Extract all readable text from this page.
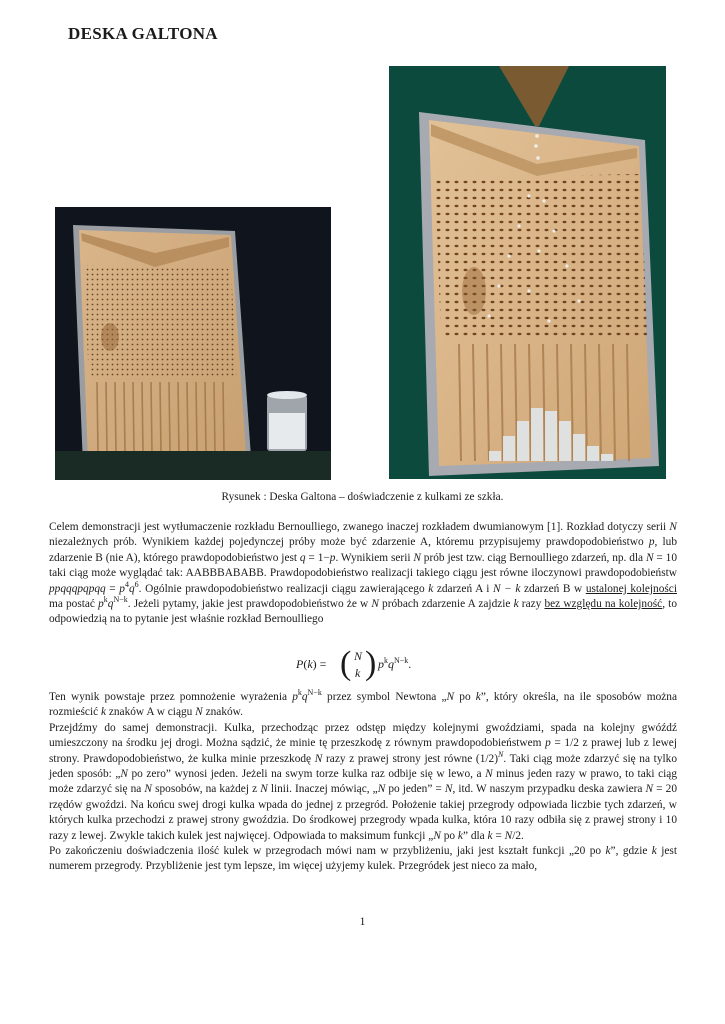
DESKA GALTONA
Rysunek : Deska Galtona – doświadczenie z kulkami ze szkła.

Celem demonstracji jest wytłumaczenie rozkładu Bernoulliego, zwanego inaczej rozkładem dwumianowym [1]. Rozkład dotyczy serii N niezależnych prób. Wynikiem każdej pojedynczej próby może być zdarzenie A, któremu przypisujemy prawdopodobieństwo p, lub zdarzenie B (nie A), którego prawdopodobieństwo jest q = 1−p. Wynikiem serii N prób jest tzw. ciąg Bernoulliego zdarzeń, np. dla N = 10 taki ciąg może wyglądać tak: AABBBABABB. Prawdopodobieństwo realizacji takiego ciągu jest równe iloczynowi prawdopodobieństw ppqqqpqpqq = $p^4q^6$. Ogólnie prawdopodobieństwo realizacji ciągu zawierającego k zdarzeń A i N − k zdarzeń B w ustalonej kolejności ma postać $p^kq^{N-k}$. Jeżeli pytamy, jakie jest prawdopodobieństwo że w N próbach zdarzenie A zajdzie k razy bez względu na kolejność, to odpowiedzią na to pytanie jest właśnie rozkład Bernoulliego

P(k) = ( N
k ) $p^kq^{N-k}$.

Ten wynik powstaje przez pomnożenie wyrażenia $p^kq^{N-k}$ przez symbol Newtona „N po k”, który określa, na ile sposobów można rozmieścić k znaków A w ciągu N znaków.

Przejdźmy do samej demonstracji. Kulka, przechodząc przez odstęp między kolejnymi gwoździami, spada na kolejny gwóźdź umieszczony na środku jej drogi. Można sądzić, że minie tę przeszkodę z równym prawdopodobieństwem p = 1/2 z prawej lub z lewej strony. Prawdopodobieństwo, że kulka minie przeszkodę N razy z prawej strony jest równe $(1/2)^N$. Taki ciąg może zdarzyć się na tylko jeden sposób: „N po zero” wynosi jeden. Jeżeli na swym torze kulka raz odbije się w lewo, a N minus jeden razy w prawo, to taki ciąg może zdarzyć się na N sposobów, na każdej z N linii. Inaczej mówiąc, „N po jeden” = N, itd. W naszym przypadku deska zawiera N = 20 rzędów gwoździ. Na końcu swej drogi kulka wpada do jednej z przegród. Położenie takiej przegrody odpowiada liczbie tych zdarzeń, w których kulka przechodzi z prawej strony gwoździa. Do środkowej przegrody wpada kulka, która 10 razy odbiła się z prawej strony i 10 razy z lewej. Zwykle takich kulek jest najwięcej. Odpowiada to maksimum funkcji „N po k” dla k = N/2.

Po zakończeniu doświadczenia ilość kulek w przegrodach mówi nam w przybliżeniu, jaki jest kształt funkcji „20 po k”, gdzie k jest numerem przegrody. Przybliżenie jest tym lepsze, im więcej użyjemy kulek. Przegródek jest nieco za mało,

1
